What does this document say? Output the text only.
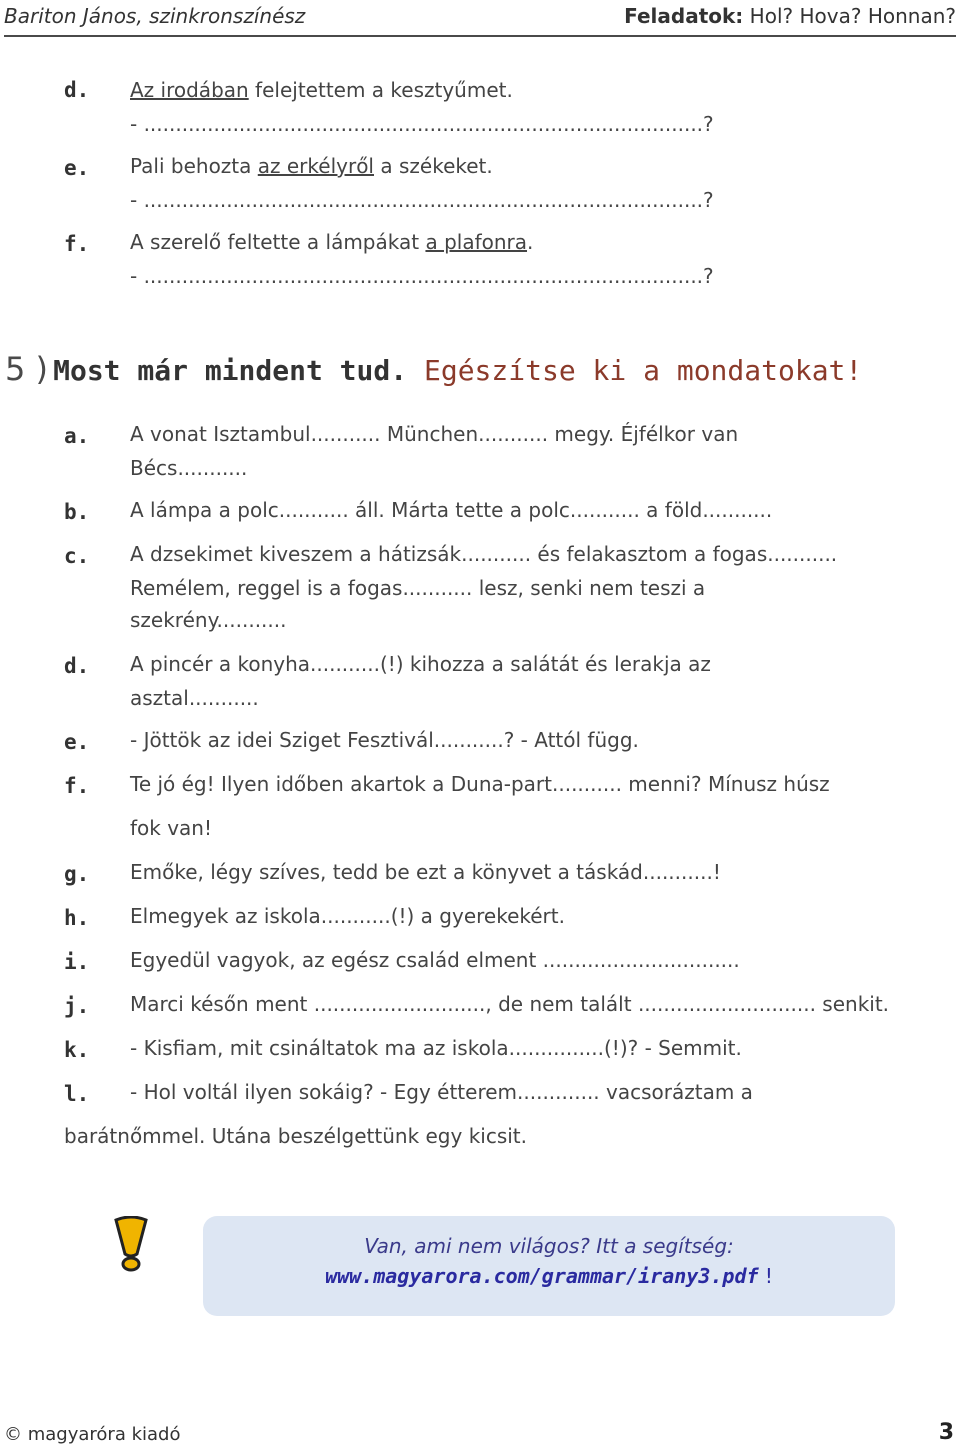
Bariton János, szinkronszínész	Feladatok: Hol? Hova? Honnan?
d. Az irodában felejtettem a kesztyűmet.
- ........................................................................................?
e. Pali behozta az erkélyről a székeket.
- ........................................................................................?
f. A szerelő feltette a lámpákat a plafonra.
- ........................................................................................?
5 ) Most már mindent tud. Egészítse ki a mondatokat!
a. A vonat Isztambul........... München........... megy. Éjfélkor van
Bécs...........
b. A lámpa a polc........... áll. Márta tette a polc........... a föld...........
c. A dzsekimet kiveszem a hátizsák........... és felakasztom a fogas...........
Remélem, reggel is a fogas........... lesz, senki nem teszi a
szekrény...........
d. A pincér a konyha...........(!) kihozza a salátát és lerakja az
asztal...........
e. - Jöttök az idei Sziget Fesztivál...........? - Attól függ.
f. Te jó ég! Ilyen időben akartok a Duna-part........... menni? Mínusz húsz
fok van!
g. Emőke, légy szíves, tedd be ezt a könyvet a táskád...........!
h. Elmegyek az iskola...........(!) a gyerekekért.
i. Egyedül vagyok, az egész család elment ...............................
j. Marci későn ment ..........................., de nem talált ............................ senkit.
k. - Kisfiam, mit csináltatok ma az iskola...............(!)? - Semmit.
l. - Hol voltál ilyen sokáig? - Egy étterem............. vacsoráztam a
barátnőmmel. Utána beszélgettünk egy kicsit.
Van, ami nem világos? Itt a segítség:
www.magyarora.com/grammar/irany3.pdf !
© magyaróra kiadó	3
